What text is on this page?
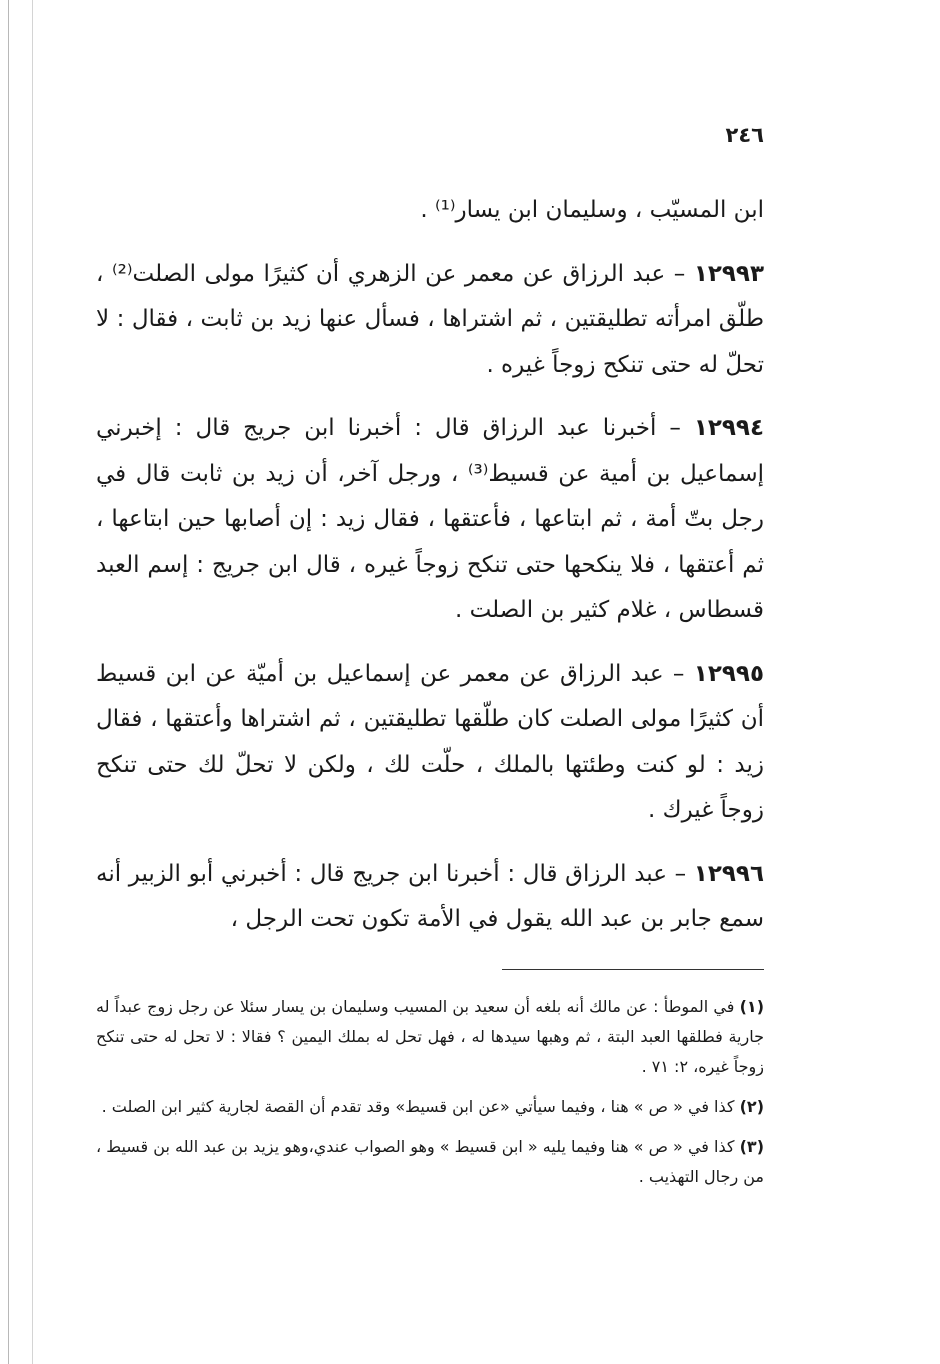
٢٤٦

ابن المسيّب ، وسليمان ابن يسار⁽¹⁾ .

١٢٩٩٣ – عبد الرزاق عن معمر عن الزهري أن كثيرًا مولى الصلت⁽²⁾ ، طلّق امرأته تطليقتين ، ثم اشتراها ، فسأل عنها زيد بن ثابت ، فقال : لا تحلّ له حتى تنكح زوجاً غيره .

١٢٩٩٤ – أخبرنا عبد الرزاق قال : أخبرنا ابن جريج قال : إخبرني إسماعيل بن أمية عن قسيط⁽³⁾ ، ورجل آخر، أن زيد بن ثابت قال في رجل بتّ أمة ، ثم ابتاعها ، فأعتقها ، فقال زيد : إن أصابها حين ابتاعها ، ثم أعتقها ، فلا ينكحها حتى تنكح زوجاً غيره ، قال ابن جريج : إسم العبد قسطاس ، غلام كثير بن الصلت .

١٢٩٩٥ – عبد الرزاق عن معمر عن إسماعيل بن أميّة عن ابن قسيط أن كثيرًا مولى الصلت كان طلّقها تطليقتين ، ثم اشتراها وأعتقها ، فقال زيد : لو كنت وطئتها بالملك ، حلّت لك ، ولكن لا تحلّ لك حتى تنكح زوجاً غيرك .

١٢٩٩٦ – عبد الرزاق قال : أخبرنا ابن جريج قال : أخبرني أبو الزبير أنه سمع جابر بن عبد الله يقول في الأمة تكون تحت الرجل ،

(١) في الموطأ : عن مالك أنه بلغه أن سعيد بن المسيب وسليمان بن يسار سئلا عن رجل زوج عبداً له جارية فطلقها العبد البتة ، ثم وهبها سيدها له ، فهل تحل له بملك اليمين ؟ فقالا : لا تحل له حتى تنكح زوجاً غيره، ٢: ٧١ .

(٢) كذا في « ص » هنا ، وفيما سيأتي «عن ابن قسيط» وقد تقدم أن القصة لجارية كثير ابن الصلت .

(٣) كذا في « ص » هنا وفيما يليه « ابن قسيط » وهو الصواب عندي،وهو يزيد بن عبد الله بن قسيط ، من رجال التهذيب .
